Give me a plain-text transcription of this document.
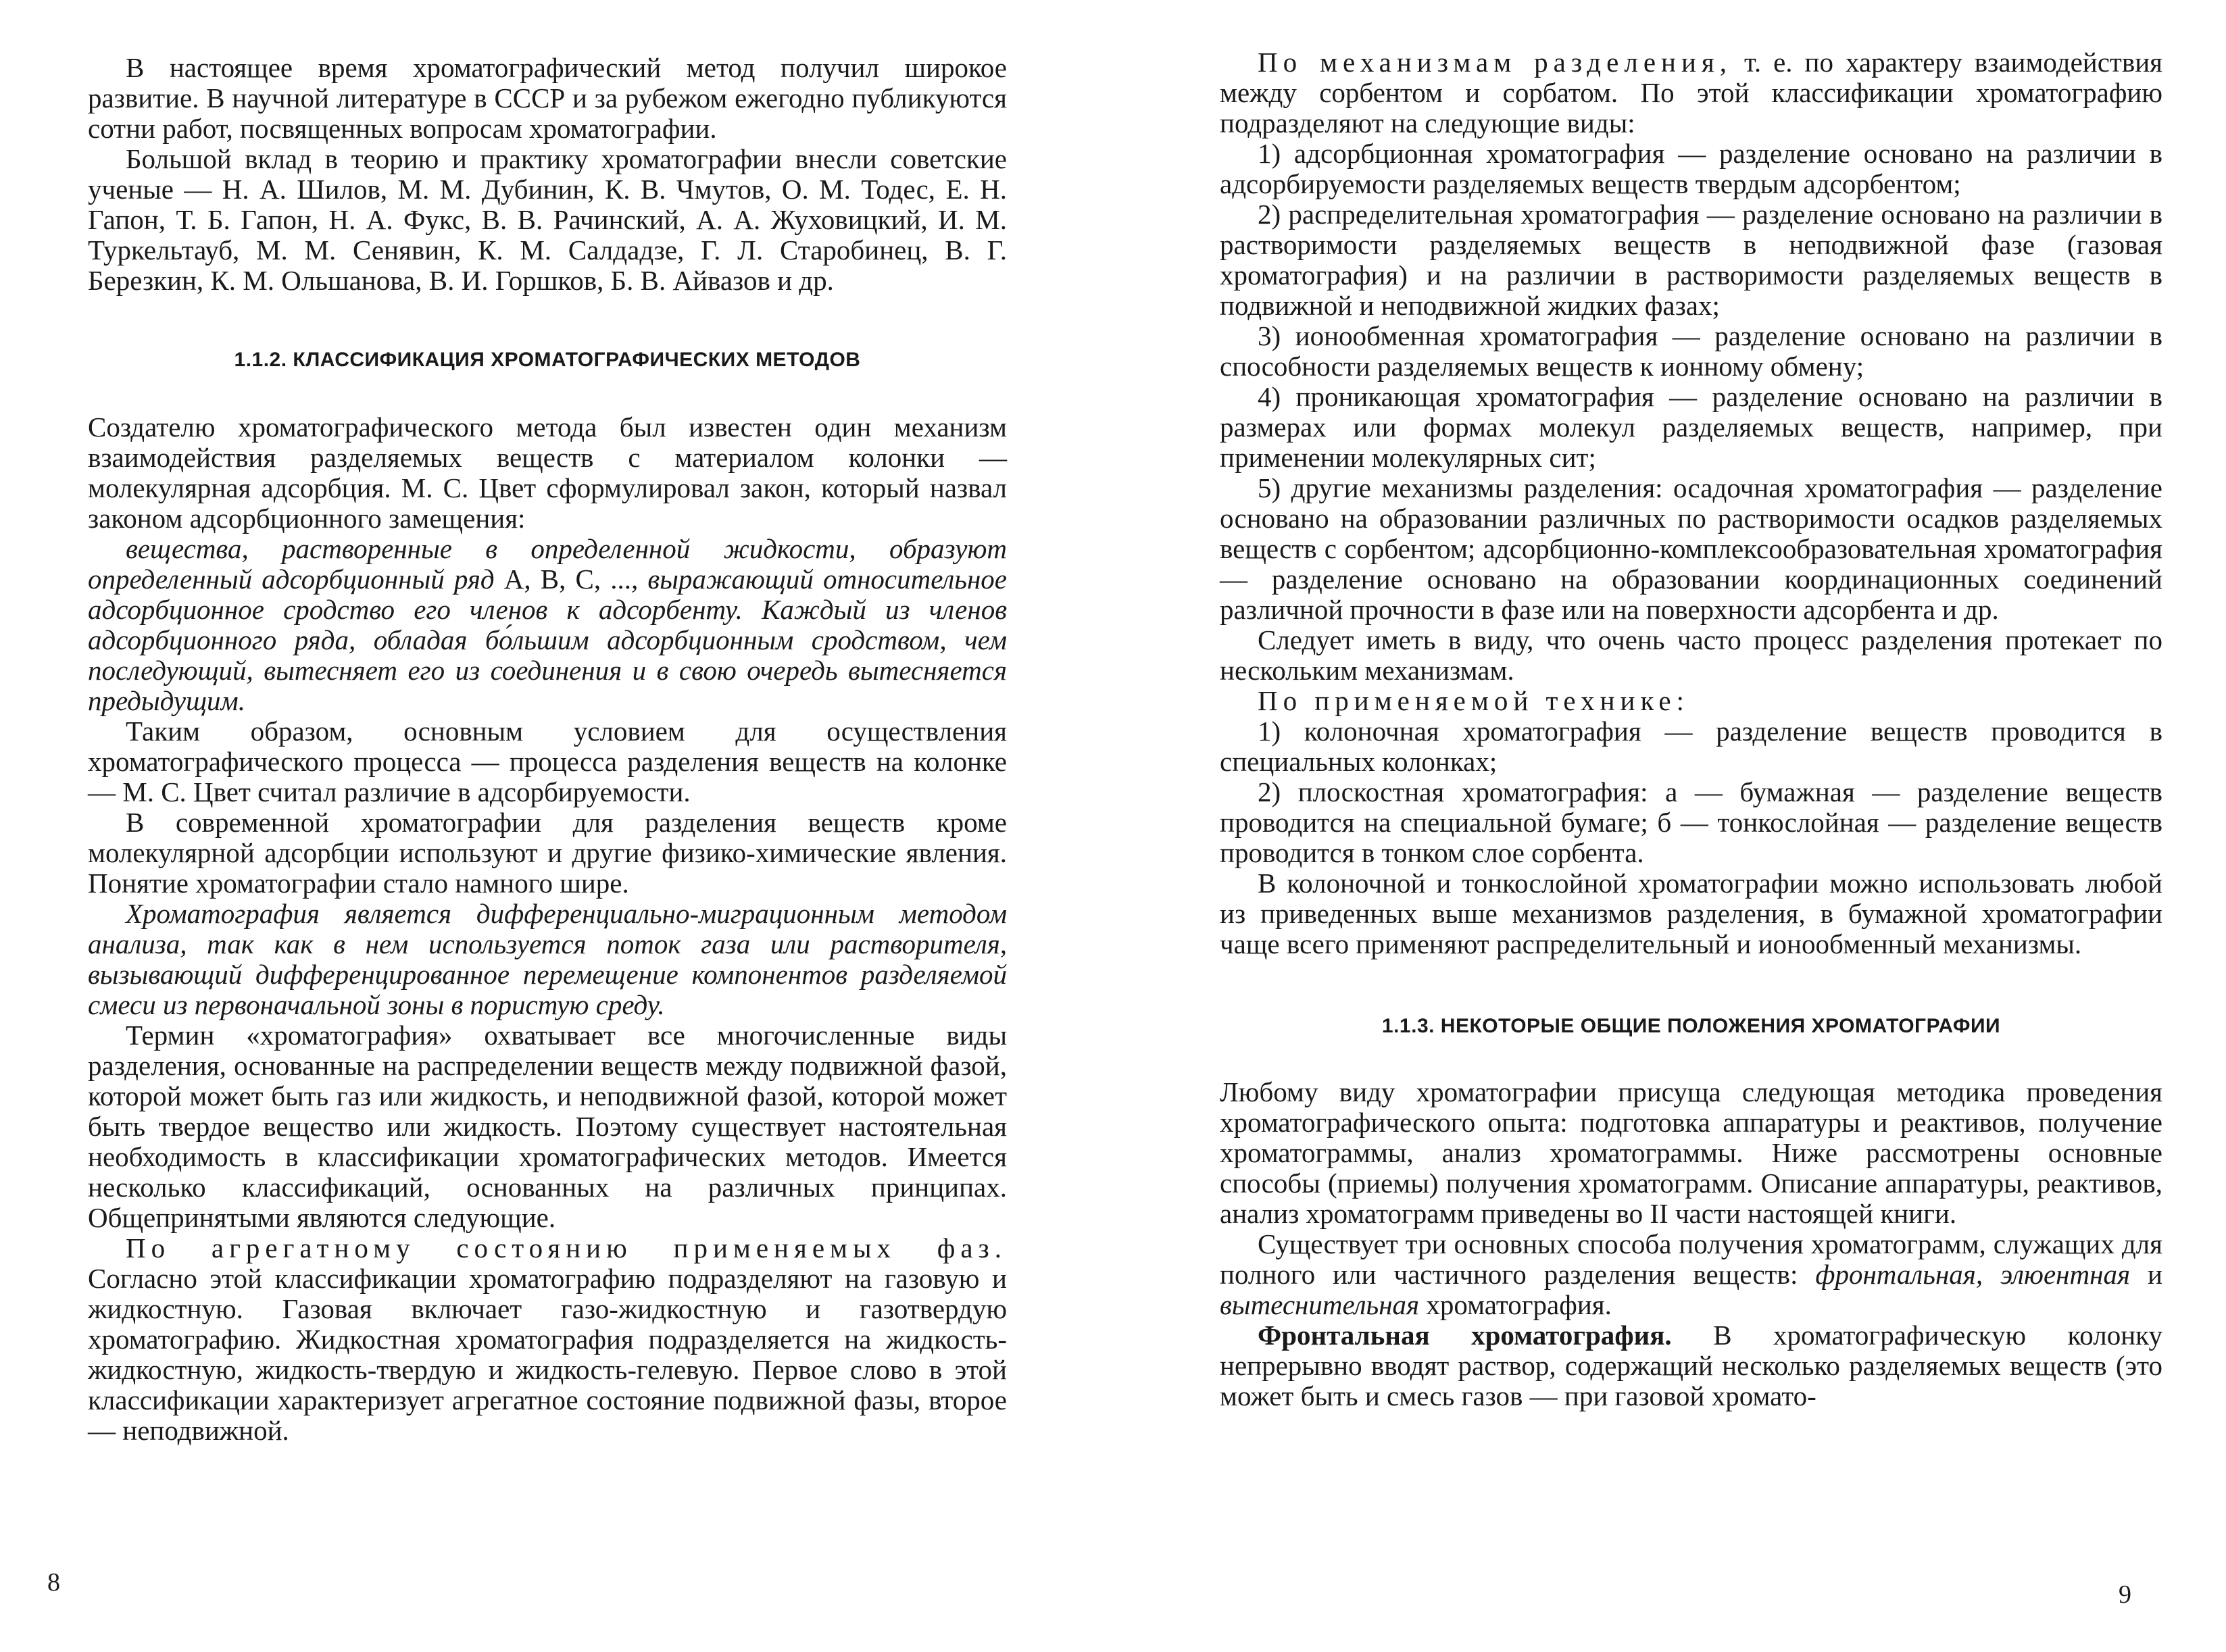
В настоящее время хроматографический метод получил широкое развитие. В научной литературе в СССР и за рубежом ежегодно публикуются сотни работ, посвященных вопросам хроматографии.

Большой вклад в теорию и практику хроматографии внесли советские ученые — Н. А. Шилов, М. М. Дубинин, К. В. Чмутов, О. М. Тодес, Е. Н. Гапон, Т. Б. Гапон, Н. А. Фукс, В. В. Рачинский, А. А. Жуховицкий, И. М. Туркельтауб, М. М. Сенявин, К. М. Салдадзе, Г. Л. Старобинец, В. Г. Березкин, К. М. Ольшанова, В. И. Горшков, Б. В. Айвазов и др.

1.1.2. КЛАССИФИКАЦИЯ ХРОМАТОГРАФИЧЕСКИХ МЕТОДОВ

Создателю хроматографического метода был известен один механизм взаимодействия разделяемых веществ с материалом колонки — молекулярная адсорбция. М. С. Цвет сформулировал закон, который назвал законом адсорбционного замещения:

вещества, растворенные в определенной жидкости, образуют определенный адсорбционный ряд A, B, C, ..., выражающий относительное адсорбционное сродство его членов к адсорбенту. Каждый из членов адсорбционного ряда, обладая бо́льшим адсорбционным сродством, чем последующий, вытесняет его из соединения и в свою очередь вытесняется предыдущим.

Таким образом, основным условием для осуществления хроматографического процесса — процесса разделения веществ на колонке — М. С. Цвет считал различие в адсорбируемости.

В современной хроматографии для разделения веществ кроме молекулярной адсорбции используют и другие физико-химические явления. Понятие хроматографии стало намного шире.

Хроматография является дифференциально-миграционным методом анализа, так как в нем используется поток газа или растворителя, вызывающий дифференцированное перемещение компонентов разделяемой смеси из первоначальной зоны в пористую среду.

Термин «хроматография» охватывает все многочисленные виды разделения, основанные на распределении веществ между подвижной фазой, которой может быть газ или жидкость, и неподвижной фазой, которой может быть твердое вещество или жидкость. Поэтому существует настоятельная необходимость в классификации хроматографических методов. Имеется несколько классификаций, основанных на различных принципах. Общепринятыми являются следующие.

По агрегатному состоянию применяемых фаз. Согласно этой классификации хроматографию подразделяют на газовую и жидкостную. Газовая включает газо-жидкостную и газотвердую хроматографию. Жидкостная хроматография подразделяется на жидкость-жидкостную, жидкость-твердую и жидкость-гелевую. Первое слово в этой классификации характеризует агрегатное состояние подвижной фазы, второе — неподвижной.

8

По механизмам разделения, т. е. по характеру взаимодействия между сорбентом и сорбатом. По этой классификации хроматографию подразделяют на следующие виды:

1) адсорбционная хроматография — разделение основано на различии в адсорбируемости разделяемых веществ твердым адсорбентом;

2) распределительная хроматография — разделение основано на различии в растворимости разделяемых веществ в неподвижной фазе (газовая хроматография) и на различии в растворимости разделяемых веществ в подвижной и неподвижной жидких фазах;

3) ионообменная хроматография — разделение основано на различии в способности разделяемых веществ к ионному обмену;

4) проникающая хроматография — разделение основано на различии в размерах или формах молекул разделяемых веществ, например, при применении молекулярных сит;

5) другие механизмы разделения: осадочная хроматография — разделение основано на образовании различных по растворимости осадков разделяемых веществ с сорбентом; адсорбционно-комплексообразовательная хроматография — разделение основано на образовании координационных соединений различной прочности в фазе или на поверхности адсорбента и др.

Следует иметь в виду, что очень часто процесс разделения протекает по нескольким механизмам.

По применяемой технике:

1) колоночная хроматография — разделение веществ проводится в специальных колонках;

2) плоскостная хроматография: а — бумажная — разделение веществ проводится на специальной бумаге; б — тонкослойная — разделение веществ проводится в тонком слое сорбента.

В колоночной и тонкослойной хроматографии можно использовать любой из приведенных выше механизмов разделения, в бумажной хроматографии чаще всего применяют распределительный и ионообменный механизмы.

1.1.3. НЕКОТОРЫЕ ОБЩИЕ ПОЛОЖЕНИЯ ХРОМАТОГРАФИИ

Любому виду хроматографии присуща следующая методика проведения хроматографического опыта: подготовка аппаратуры и реактивов, получение хроматограммы, анализ хроматограммы. Ниже рассмотрены основные способы (приемы) получения хроматограмм. Описание аппаратуры, реактивов, анализ хроматограмм приведены во II части настоящей книги.

Существует три основных способа получения хроматограмм, служащих для полного или частичного разделения веществ: фронтальная, элюентная и вытеснительная хроматография.

Фронтальная хроматография. В хроматографическую колонку непрерывно вводят раствор, содержащий несколько разделяемых веществ (это может быть и смесь газов — при газовой хромато-

9
